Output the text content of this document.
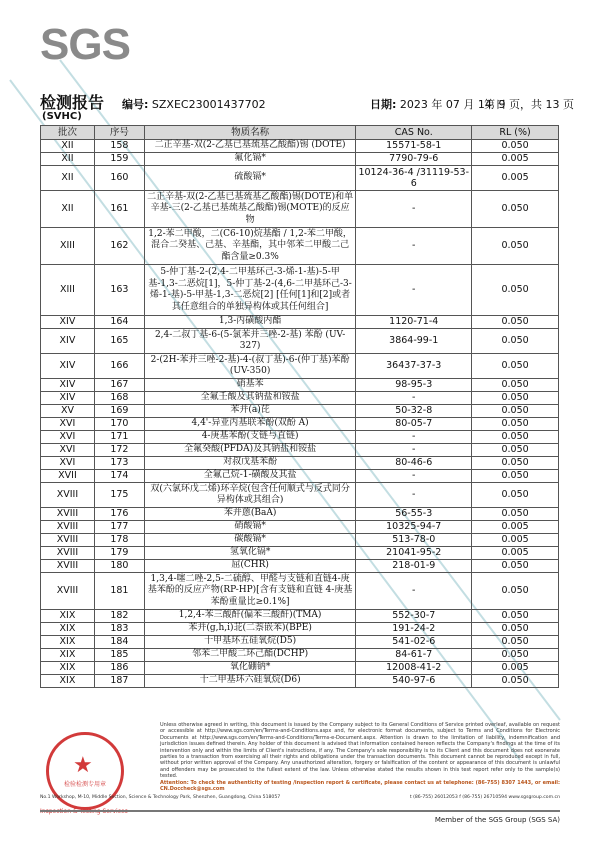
SGS
检测报告
(SVHC)
编号: SZXEC23001437702	日期: 2023 年 07 月 14 日
第 9 页，共 13 页
批次	序号	物质名称	CAS No.	RL (%)
XII	158	二正辛基-双(2-乙基已基巯基乙酸酯)锡 (DOTE)	15571-58-1	0.050
XII	159	氟化镉*	7790-79-6	0.005
XII	160	硫酸镉*	10124-36-4 /31119-53-6	0.005
XII	161	二正辛基-双(2-乙基已基巯基乙酸酯)锡(DOTE)和单辛基-三(2-乙基已基巯基乙酸酯)锡(MOTE)的反应物	-	0.050
XIII	162	1,2-苯二甲酸，二(C6-10)烷基酯 / 1,2-苯二甲酸，混合二癸基、己基、辛基酯，其中邻苯二甲酸二己酯含量≥0.3%	-	0.050
XIII	163	5-仲丁基-2-(2,4-二甲基环己-3-烯-1-基)-5-甲基-1,3-二恶烷[1]，5-仲丁基-2-(4,6-二甲基环己-3-烯-1-基)-5-甲基-1,3-二恶烷[2] [任何[1]和[2]或者其任意组合的单独异构体或其任何组合]	-	0.050
XIV	164	1,3-丙磺酸内酯	1120-71-4	0.050
XIV	165	2,4-二叔丁基-6-(5-氯苯并三唑-2-基) 苯酚 (UV-327)	3864-99-1	0.050
XIV	166	2-(2H-苯并三唑-2-基)-4-(叔丁基)-6-(仲丁基)苯酚 (UV-350)	36437-37-3	0.050
XIV	167	硝基苯	98-95-3	0.050
XIV	168	全氟壬酸及其钠盐和铵盐	-	0.050
XV	169	苯并(a)芘	50-32-8	0.050
XVI	170	4,4'-异亚丙基联苯酚(双酚 A)	80-05-7	0.050
XVI	171	4-庚基苯酚(支链与直链)	-	0.050
XVI	172	全氟癸酸(PFDA)及其钠盐和铵盐	-	0.050
XVI	173	对叔戊基苯酚	80-46-6	0.050
XVII	174	全氟己烷-1-磺酸及其盐	-	0.050
XVIII	175	双(六氯环戊二烯)环辛烷(包含任何顺式与反式同分异构体或其组合)	-	0.050
XVIII	176	苯并蒽(BaA)	56-55-3	0.050
XVIII	177	硝酸镉*	10325-94-7	0.005
XVIII	178	碳酸镉*	513-78-0	0.005
XVIII	179	氢氧化镉*	21041-95-2	0.005
XVIII	180	屈(CHR)	218-01-9	0.050
XVIII	181	1,3,4-噻二唑-2,5-二硫醇、甲醛与支链和直链4-庚基苯酚的反应产物(RP-HP)[含有支链和直链 4-庚基苯酚重量比≥0.1%]	-	0.050
XIX	182	1,2,4-苯三酸酐(偏苯三酸酐)(TMA)	552-30-7	0.050
XIX	183	苯并(g,h,i)苝(二萘嵌苯)(BPE)	191-24-2	0.050
XIX	184	十甲基环五硅氧烷(D5)	541-02-6	0.050
XIX	185	邻苯二甲酸二环己酯(DCHP)	84-61-7	0.050
XIX	186	氧化硼钠*	12008-41-2	0.005
XIX	187	十二甲基环六硅氧烷(D6)	540-97-6	0.050
★
检验检测专用章
Inspection & Testing Services
Unless otherwise agreed in writing, this document is issued by the Company subject to its General Conditions of Service printed overleaf, available on request or accessible at http://www.sgs.com/en/Terms-and-Conditions.aspx and, for electronic format documents, subject to Terms and Conditions for Electronic Documents at http://www.sgs.com/en/Terms-and-Conditions/Terms-e-Document.aspx. Attention is drawn to the limitation of liability, indemnification and jurisdiction issues defined therein. Any holder of this document is advised that information contained hereon reflects the Company's findings at the time of its intervention only and within the limits of Client's instructions, if any. The Company's sole responsibility is to its Client and this document does not exonerate parties to a transaction from exercising all their rights and obligations under the transaction documents. This document cannot be reproduced except in full, without prior written approval of the Company. Any unauthorized alteration, forgery or falsification of the content or appearance of this document is unlawful and offenders may be prosecuted to the fullest extent of the law. Unless otherwise stated the results shown in this test report refer only to the sample(s) tested.
Attention: To check the authenticity of testing /inspection report & certificate, please contact us at telephone: (86-755) 8307 1443, or email: CN.Doccheck@sgs.com
No.1 Workshop, M-10, Middle Section, Science & Technology Park, Shenzhen, Guangdong, China 518057	t (86-755) 26012053 f (86-755) 26710594 www.sgsgroup.com.cn
Member of the SGS Group (SGS SA)
